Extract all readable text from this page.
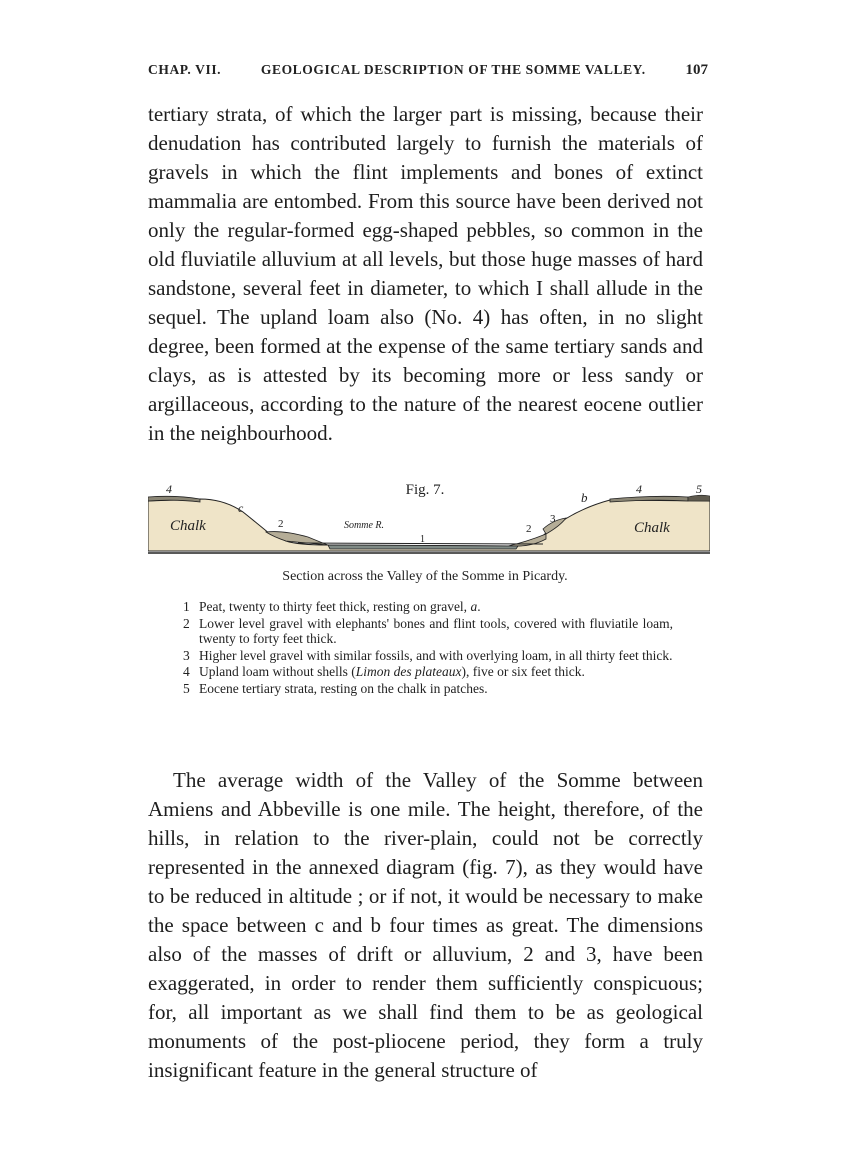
CHAP. VII.	GEOLOGICAL DESCRIPTION OF THE SOMME VALLEY.	107

tertiary strata, of which the larger part is missing, because their denudation has contributed largely to furnish the materials of gravels in which the flint implements and bones of extinct mammalia are entombed. From this source have been derived not only the regular-formed egg-shaped pebbles, so common in the old fluviatile alluvium at all levels, but those huge masses of hard sandstone, several feet in diameter, to which I shall allude in the sequel. The upland loam also (No. 4) has often, in no slight degree, been formed at the expense of the same tertiary sands and clays, as is attested by its becoming more or less sandy or argillaceous, according to the nature of the nearest eocene outlier in the neighbourhood.

Fig. 7.
4
c
Chalk	2	Somme R.
1
2
3
b
4	5
Chalk
Section across the Valley of the Somme in Picardy.
1 Peat, twenty to thirty feet thick, resting on gravel, a.
2 Lower level gravel with elephants' bones and flint tools, covered with fluviatile loam, twenty to forty feet thick.
3 Higher level gravel with similar fossils, and with overlying loam, in all thirty feet thick.
4 Upland loam without shells (Limon des plateaux), five or six feet thick.
5 Eocene tertiary strata, resting on the chalk in patches.

The average width of the Valley of the Somme between Amiens and Abbeville is one mile. The height, therefore, of the hills, in relation to the river-plain, could not be correctly represented in the annexed diagram (fig. 7), as they would have to be reduced in altitude ; or if not, it would be necessary to make the space between c and b four times as great. The dimensions also of the masses of drift or alluvium, 2 and 3, have been exaggerated, in order to render them sufficiently conspicuous; for, all important as we shall find them to be as geological monuments of the post-pliocene period, they form a truly insignificant feature in the general structure of
